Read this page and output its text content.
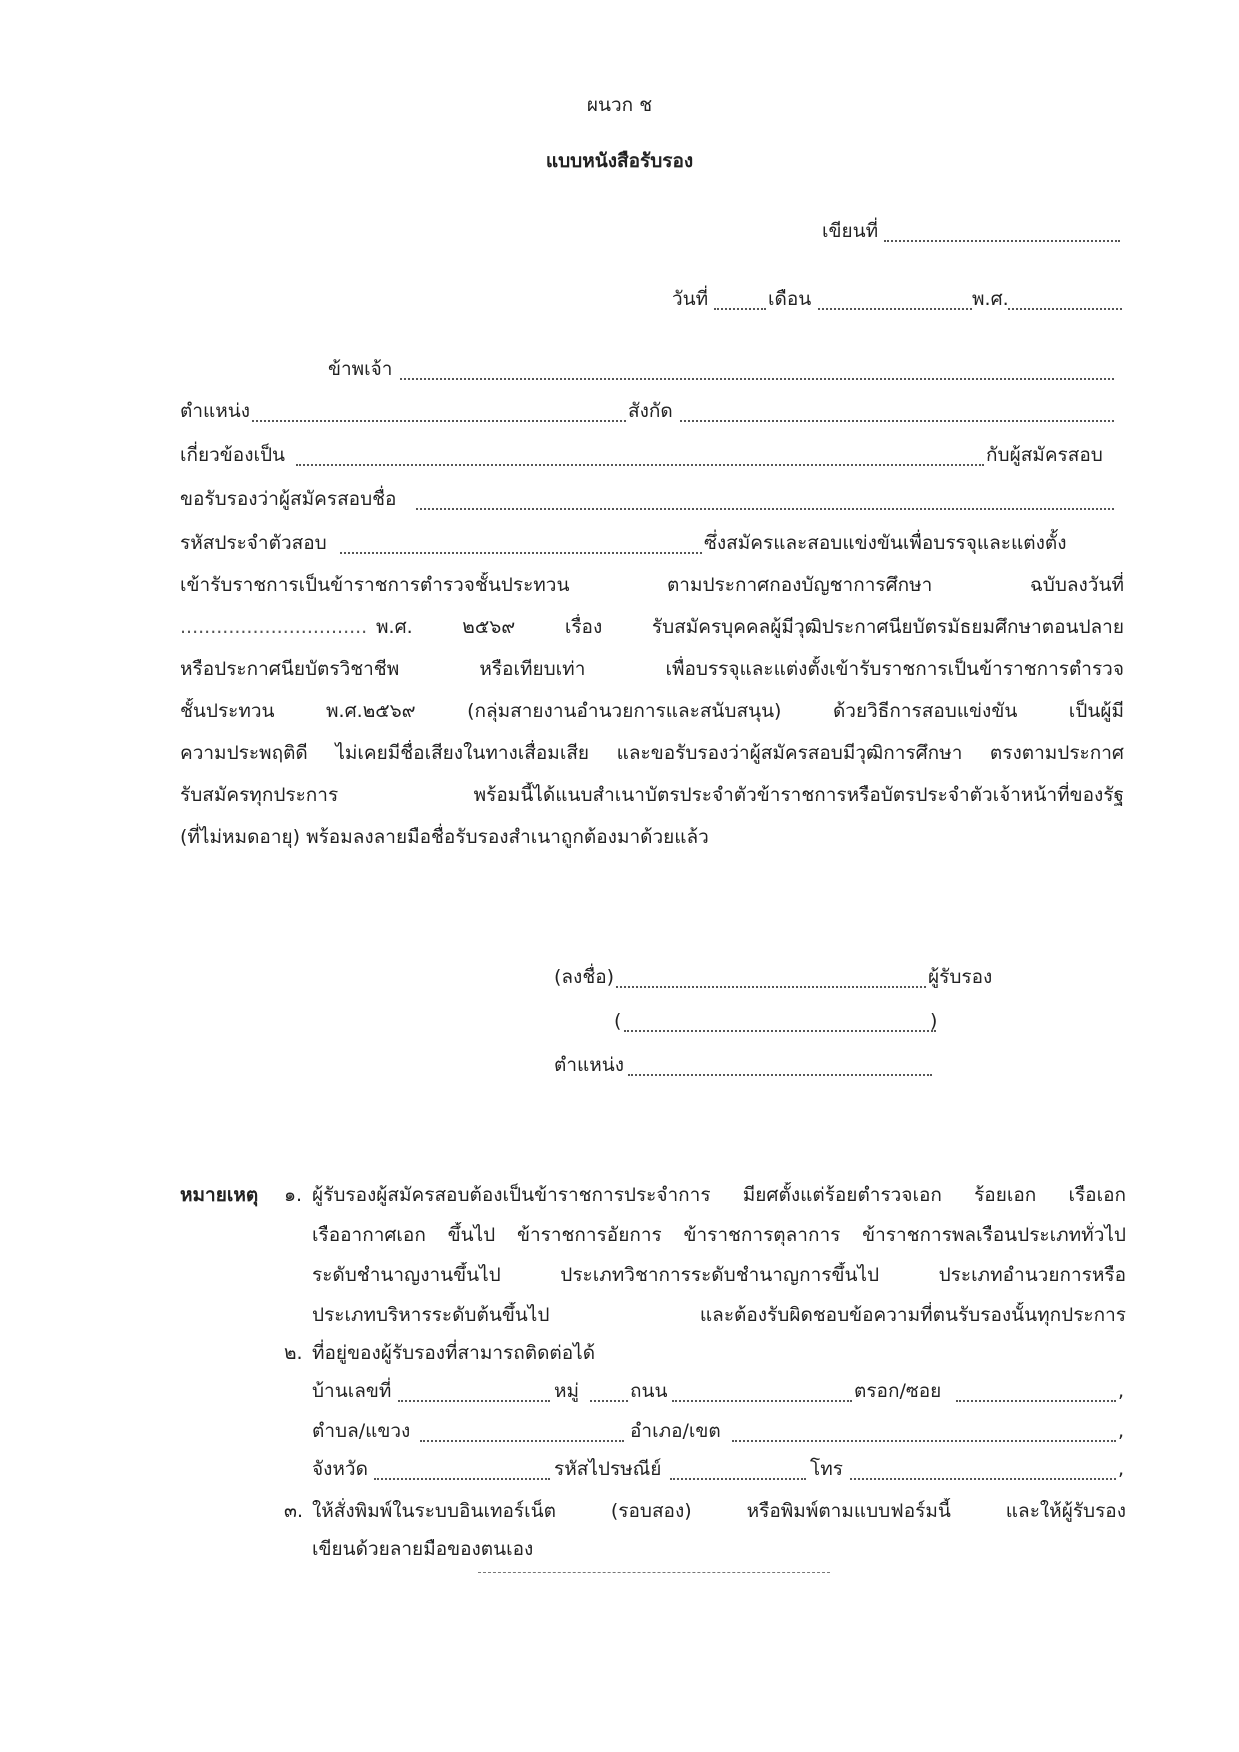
ผนวก ช
แบบหนังสือรับรอง
เขียนที่
วันที่	เดือน	พ.ศ.
ข้าพเจ้า
ตำแหน่ง	สังกัด
เกี่ยวข้องเป็น	กับผู้สมัครสอบ
ขอรับรองว่าผู้สมัครสอบชื่อ
รหัสประจำตัวสอบ	ซึ่งสมัครและสอบแข่งขันเพื่อบรรจุและแต่งตั้ง
เข้ารับราชการเป็นข้าราชการตำรวจชั้นประทวน ตามประกาศกองบัญชาการศึกษา ฉบับลงวันที่
............................... พ.ศ. ๒๕๖๙ เรื่อง รับสมัครบุคคลผู้มีวุฒิประกาศนียบัตรมัธยมศึกษาตอนปลาย
หรือประกาศนียบัตรวิชาชีพ หรือเทียบเท่า เพื่อบรรจุและแต่งตั้งเข้ารับราชการเป็นข้าราชการตำรวจ
ชั้นประทวน พ.ศ.๒๕๖๙ (กลุ่มสายงานอำนวยการและสนับสนุน) ด้วยวิธีการสอบแข่งขัน เป็นผู้มี
ความประพฤติดี ไม่เคยมีชื่อเสียงในทางเสื่อมเสีย และขอรับรองว่าผู้สมัครสอบมีวุฒิการศึกษา ตรงตามประกาศ
รับสมัครทุกประการ พร้อมนี้ได้แนบสำเนาบัตรประจำตัวข้าราชการหรือบัตรประจำตัวเจ้าหน้าที่ของรัฐ
(ที่ไม่หมดอายุ) พร้อมลงลายมือชื่อรับรองสำเนาถูกต้องมาด้วยแล้ว
(ลงชื่อ)	ผู้รับรอง
(	)
ตำแหน่ง
หมายเหตุ ๑. ผู้รับรองผู้สมัครสอบต้องเป็นข้าราชการประจำการ มียศตั้งแต่ร้อยตำรวจเอก ร้อยเอก เรือเอก
เรืออากาศเอก ขึ้นไป ข้าราชการอัยการ ข้าราชการตุลาการ ข้าราชการพลเรือนประเภททั่วไป
ระดับชำนาญงานขึ้นไป ประเภทวิชาการระดับชำนาญการขึ้นไป ประเภทอำนวยการหรือ
ประเภทบริหารระดับต้นขึ้นไป และต้องรับผิดชอบข้อความที่ตนรับรองนั้นทุกประการ
๒. ที่อยู่ของผู้รับรองที่สามารถติดต่อได้
บ้านเลขที่	หมู่	ถนน	ตรอก/ซอย	,
ตำบล/แขวง	อำเภอ/เขต	,
จังหวัด	รหัสไปรษณีย์	โทร	,
๓. ให้สั่งพิมพ์ในระบบอินเทอร์เน็ต (รอบสอง) หรือพิมพ์ตามแบบฟอร์มนี้ และให้ผู้รับรอง
เขียนด้วยลายมือของตนเอง
